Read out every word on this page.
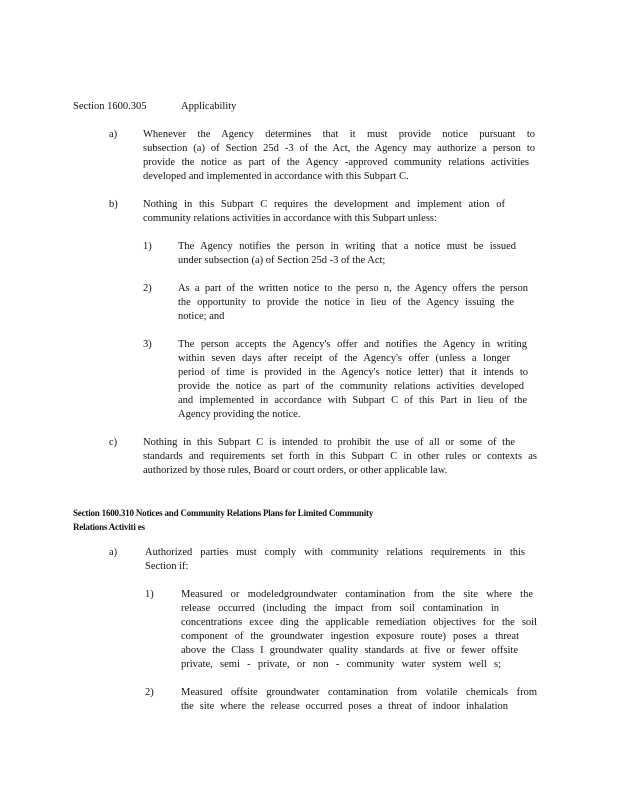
Section 1600.305	Applicability
a) Whenever the Agency determines that it must provide notice pursuant to
subsection (a) of Section 25d -3 of the Act, the Agency may authorize a person to
provide the notice as part of the Agency -approved community relations activities
developed and implemented in accordance with this Subpart C.
b) Nothing in this Subpart C requires the development and implement ation of
community relations activities in accordance with this Subpart unless:
1)	The Agency notifies the person in writing that a notice must be issued
under subsection (a) of Section 25d -3 of the Act;
2)	As a part of the written notice to the perso n, the Agency offers the person
the opportunity to provide the notice in lieu of the Agency issuing the
notice; and
3)	The person accepts the Agency's offer and notifies the Agency in writing
within seven days after receipt of the Agency's offer (unless a longer
period of time is provided in the Agency's notice letter) that it intends to
provide the notice as part of the community relations activities developed
and implemented in accordance with Subpart C of this Part in lieu of the
Agency providing the notice.
c) Nothing in this Subpart C is intended to prohibit the use of all or some of the
standards and requirements set forth in this Subpart C in other rules or contexts as
authorized by those rules, Board or court orders, or other applicable law.
Section 1600.310 Notices and Community Relations Plans for Limited Community
Relations Activiti es
a)	Authorized parties must comply with community relations requirements in this
Section if:
1)	Measured or modeledgroundwater contamination from the site where the
release occurred (including the impact from soil contamination in
concentrations excee ding the applicable remediation objectives for the soil
component of the groundwater ingestion exposure route) poses a threat
above the Class I groundwater quality standards at five or fewer offsite
private, semi - private, or non - community water system well s;
2)	Measured offsite groundwater contamination from volatile chemicals from
the site where the release occurred poses a threat of indoor inhalation
